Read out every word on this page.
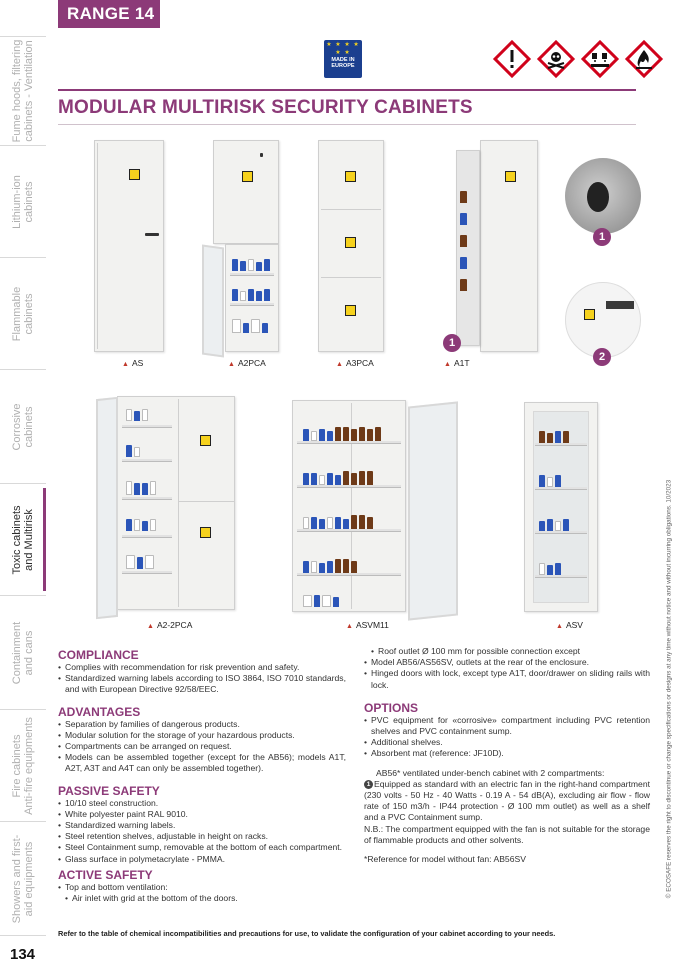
RANGE 14
Fume hoods, filtering
cabinets - Ventilation
Lithium-ion
cabinets
Flammable
cabinets
Corrosive
cabinets
Toxic cabinets
and Multirisk
Containment
and cans
Fire cabinets
Anti-fire equipments
Showers and first-
aid equipments
134
★ ★ ★ ★ ★ ★
MADE IN
EUROPE
MODULAR MULTIRISK SECURITY CABINETS
▲ AS	▲ A2PCA	▲ A3PCA
1
▲ A1T
1
2
▲ A2-2PCA	▲ ASVM11	▲ ASV
COMPLIANCE
• Complies with recommendation for risk prevention and safety.
• Standardized warning labels according to ISO 3864, ISO 7010 standards, and with European Directive 92/58/EEC.
ADVANTAGES
• Separation by families of dangerous products.
• Modular solution for the storage of your hazardous products.
• Compartments can be arranged on request.
• Models can be assembled together (except for the AB56); models A1T, A2T, A3T and A4T can only be assembled together).
PASSIVE SAFETY
• 10/10 steel construction.
• White polyester paint RAL 9010.
• Standardized warning labels.
• Steel retention shelves, adjustable in height on racks.
• Steel Containment sump, removable at the bottom of each compartment.
• Glass surface in polymetacrylate - PMMA.
ACTIVE SAFETY
• Top and bottom ventilation:
• Air inlet with grid at the bottom of the doors.
• Roof outlet Ø 100 mm for possible connection except
• Model AB56/AS56SV, outlets at the rear of the enclosure.
• Hinged doors with lock, except type A1T, door/drawer on sliding rails with lock.
OPTIONS
• PVC equipment for «corrosive» compartment including PVC retention shelves and PVC containment sump.
• Additional shelves.
• Absorbent mat (reference: JF10D).

AB56* ventilated under-bench cabinet with 2 compartments:

1 Equipped as standard with an electric fan in the right-hand compartment (230 volts - 50 Hz - 40 Watts - 0.19 A - 54 dB(A), excluding air flow - flow rate of 150 m3/h - IP44 protection - Ø 100 mm outlet) as well as a shelf and a PVC Containment sump.

N.B.: The compartment equipped with the fan is not suitable for the storage of flammable products and other solvents.

*Reference for model without fan: AB56SV

Refer to the table of chemical incompatibilities and precautions for use, to validate the configuration of your cabinet according to your needs.
© ECOSAFE reserves the right to discontinue or change specifications or designs at any time without notice and without incurring obligations. 10/2023
